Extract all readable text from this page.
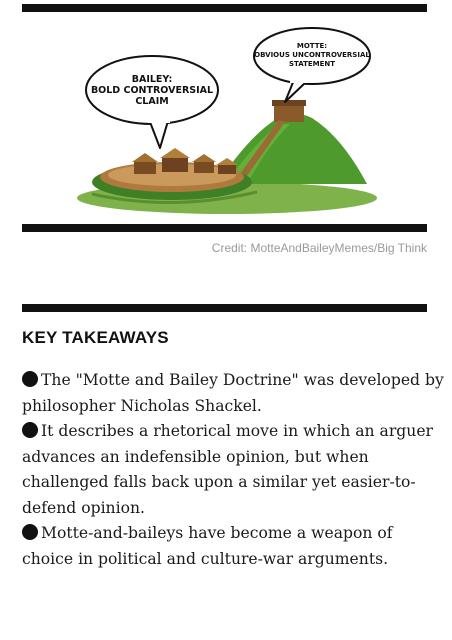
BAILEY:
BOLD CONTROVERSIAL
CLAIM
MOTTE:
OBVIOUS UNCONTROVERSIAL
STATEMENT
Credit: MotteAndBaileyMemes/Big Think
KEY TAKEAWAYS

The "Motte and Bailey Doctrine" was developed by philosopher Nicholas Shackel.

It describes a rhetorical move in which an arguer advances an indefensible opinion, but when challenged falls back upon a similar yet easier-to-defend opinion.

Motte-and-baileys have become a weapon of choice in political and culture-war arguments.
